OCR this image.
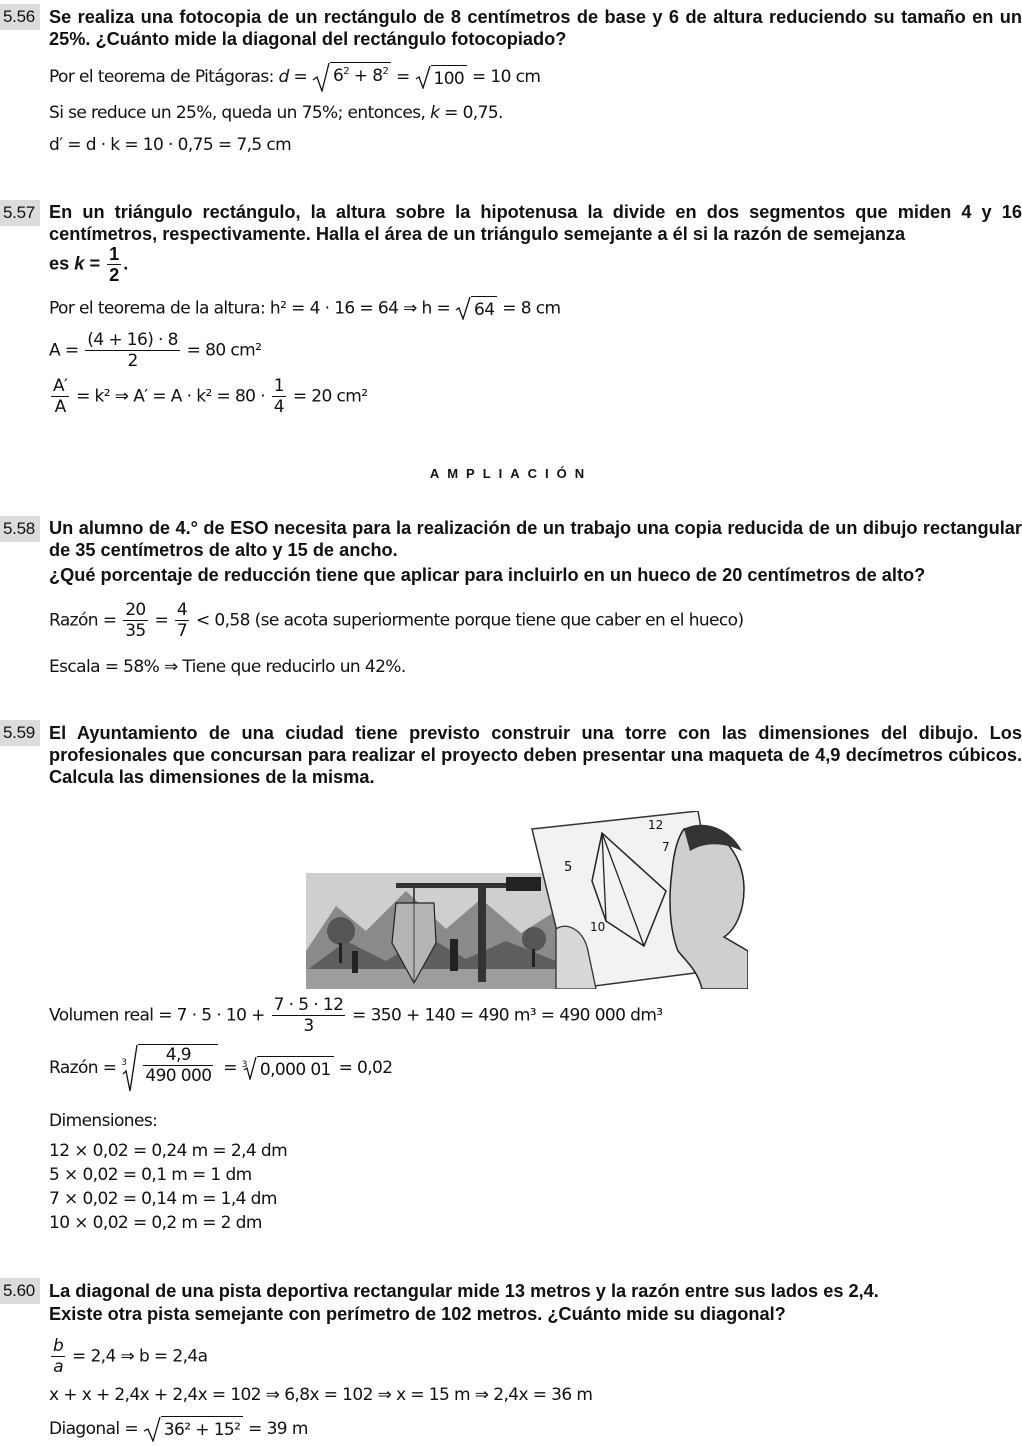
5.56 Se realiza una fotocopia de un rectángulo de 8 centímetros de base y 6 de altura reduciendo su tamaño en un 25%. ¿Cuánto mide la diagonal del rectángulo fotocopiado?
Por el teorema de Pitágoras: $d = 6^2 + 8^2 = 100 = 10$ cm
Si se reduce un 25%, queda un 75%; entonces, k = 0,75.
d′ = d · k = 10 · 0,75 = 7,5 cm
5.57 En un triángulo rectángulo, la altura sobre la hipotenusa la divide en dos segmentos que miden 4 y 16 centímetros, respectivamente. Halla el área de un triángulo semejante a él si la razón de semejanza
es $k = \frac{1}{2}$ .
Por el teorema de la altura: h² = 4 · 16 = 64 ⇒ h = 64 = 8 cm
$A = \frac{(4 + 16) \cdot 8}{2} = 80$ cm²
$\frac{A'}{A} = k^2$ ⇒ $A' = A \cdot k^2 = 80 \cdot \frac{1}{4} = 20$ cm²
AMPLIACIÓN
5.58 Un alumno de 4.° de ESO necesita para la realización de un trabajo una copia reducida de un dibujo rectangular de 35 centímetros de alto y 15 de ancho.
¿Qué porcentaje de reducción tiene que aplicar para incluirlo en un hueco de 20 centímetros de alto?
Razón = $\frac{20}{35} = \frac{4}{7} < 0,58$ (se acota superiormente porque tiene que caber en el hueco)
Escala = 58% ⇒ Tiene que reducirlo un 42%.
5.59 El Ayuntamiento de una ciudad tiene previsto construir una torre con las dimensiones del dibujo. Los profesionales que concursan para realizar el proyecto deben presentar una maqueta de 4,9 decímetros cúbicos. Calcula las dimensiones de la misma.
5
10
12
7
Volumen real = $7 \cdot 5 \cdot 10 + \frac{7 \cdot 5 \cdot 12}{3} = 350 + 140 = 490$ m³ = 490 000 dm³
Razón = $3 \frac{4,9}{490 000} = 3$ 0,000 01 = 0,02
Dimensiones:
12 × 0,02 = 0,24 m = 2,4 dm
5 × 0,02 = 0,1 m = 1 dm
7 × 0,02 = 0,14 m = 1,4 dm
10 × 0,02 = 0,2 m = 2 dm
5.60 La diagonal de una pista deportiva rectangular mide 13 metros y la razón entre sus lados es 2,4.
Existe otra pista semejante con perímetro de 102 metros. ¿Cuánto mide su diagonal?
$\frac{b}{a} = 2,4$ ⇒ b = 2,4a
x + x + 2,4x + 2,4x = 102 ⇒ 6,8x = 102 ⇒ x = 15 m ⇒ 2,4x = 36 m
Diagonal = 36² + 15² = 39 m
